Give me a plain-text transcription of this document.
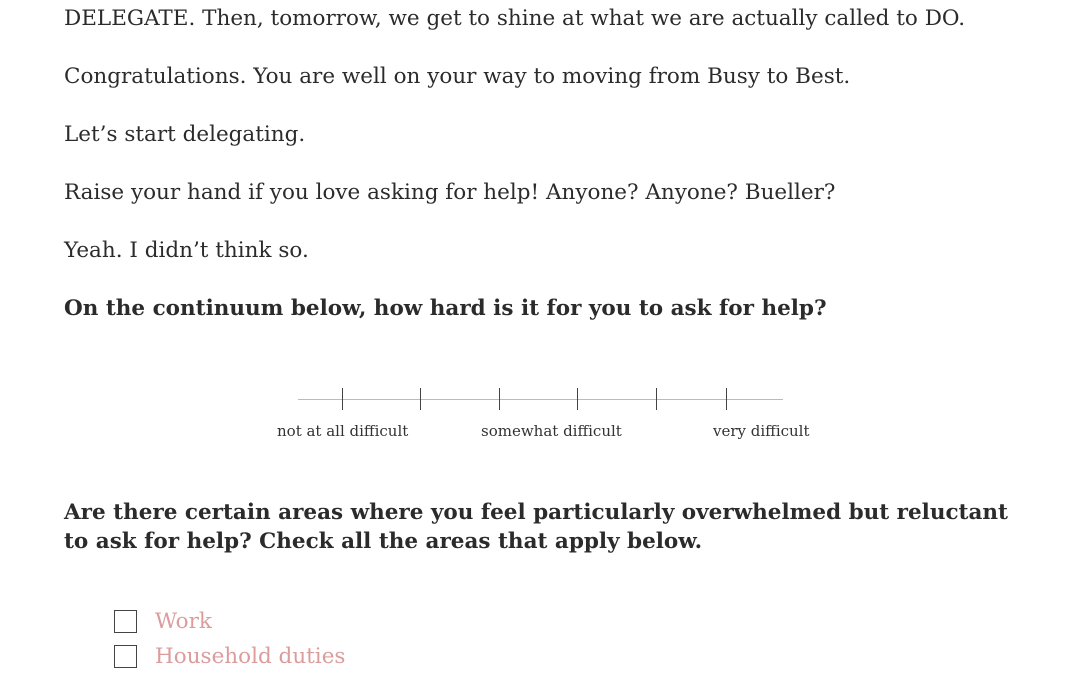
DELEGATE. Then, tomorrow, we get to shine at what we are actually called to DO.

Congratulations. You are well on your way to moving from Busy to Best.

Let’s start delegating.

Raise your hand if you love asking for help! Anyone? Anyone? Bueller?

Yeah. I didn’t think so.

On the continuum below, how hard is it for you to ask for help?

not at all difficult	somewhat difficult	very difficult

Are there certain areas where you feel particularly overwhelmed but reluctant to ask for help? Check all the areas that apply below.

Work
Household duties
